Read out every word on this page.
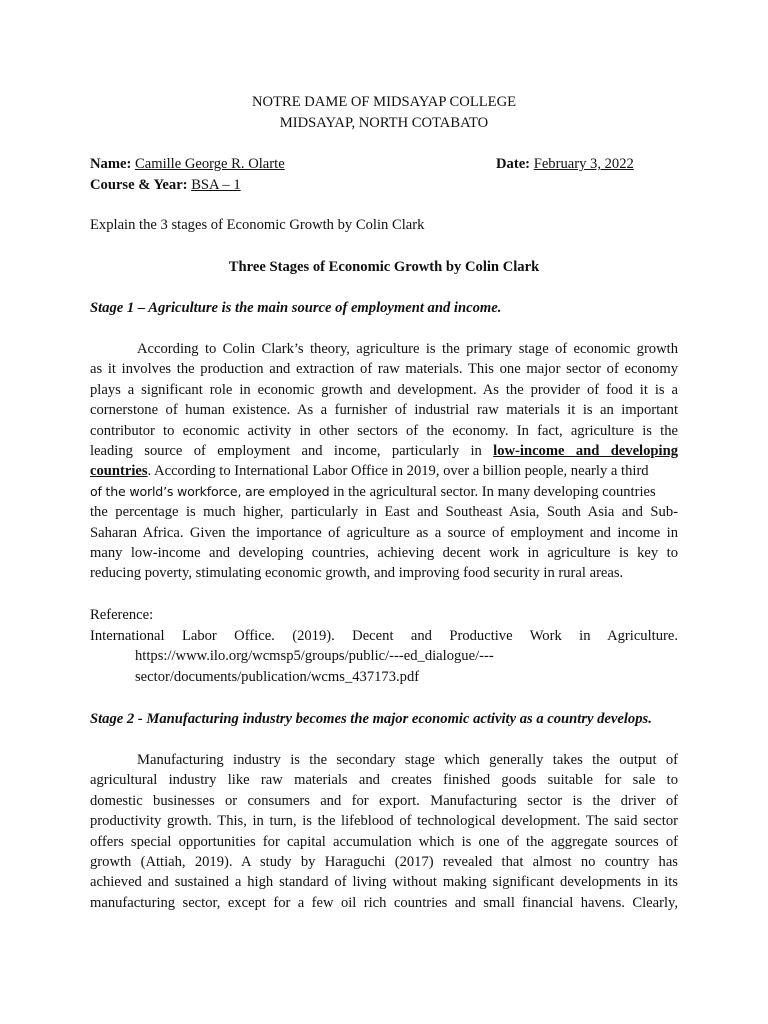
NOTRE DAME OF MIDSAYAP COLLEGE
MIDSAYAP, NORTH COTABATO
Name: Camille George R. Olarte	Date: February 3, 2022
Course & Year: BSA – 1
Explain the 3 stages of Economic Growth by Colin Clark
Three Stages of Economic Growth by Colin Clark
Stage 1 – Agriculture is the main source of employment and income.
According to Colin Clark’s theory, agriculture is the primary stage of economic growth
as it involves the production and extraction of raw materials. This one major sector of economy
plays a significant role in economic growth and development. As the provider of food it is a
cornerstone of human existence. As a furnisher of industrial raw materials it is an important
contributor to economic activity in other sectors of the economy. In fact, agriculture is the
leading source of employment and income, particularly in low-income and developing
countries. According to International Labor Office in 2019, over a billion people, nearly a third
of the world’s workforce, are employed in the agricultural sector. In many developing countries
the percentage is much higher, particularly in East and Southeast Asia, South Asia and Sub-
Saharan Africa. Given the importance of agriculture as a source of employment and income in
many low-income and developing countries, achieving decent work in agriculture is key to
reducing poverty, stimulating economic growth, and improving food security in rural areas.
Reference:
International Labor Office. (2019). Decent and Productive Work in Agriculture.
https://www.ilo.org/wcmsp5/groups/public/---ed_dialogue/---
sector/documents/publication/wcms_437173.pdf
Stage 2 - Manufacturing industry becomes the major economic activity as a country develops.
Manufacturing industry is the secondary stage which generally takes the output of
agricultural industry like raw materials and creates finished goods suitable for sale to
domestic businesses or consumers and for export. Manufacturing sector is the driver of
productivity growth. This, in turn, is the lifeblood of technological development. The said sector
offers special opportunities for capital accumulation which is one of the aggregate sources of
growth (Attiah, 2019). A study by Haraguchi (2017) revealed that almost no country has
achieved and sustained a high standard of living without making significant developments in its
manufacturing sector, except for a few oil rich countries and small financial havens. Clearly,
